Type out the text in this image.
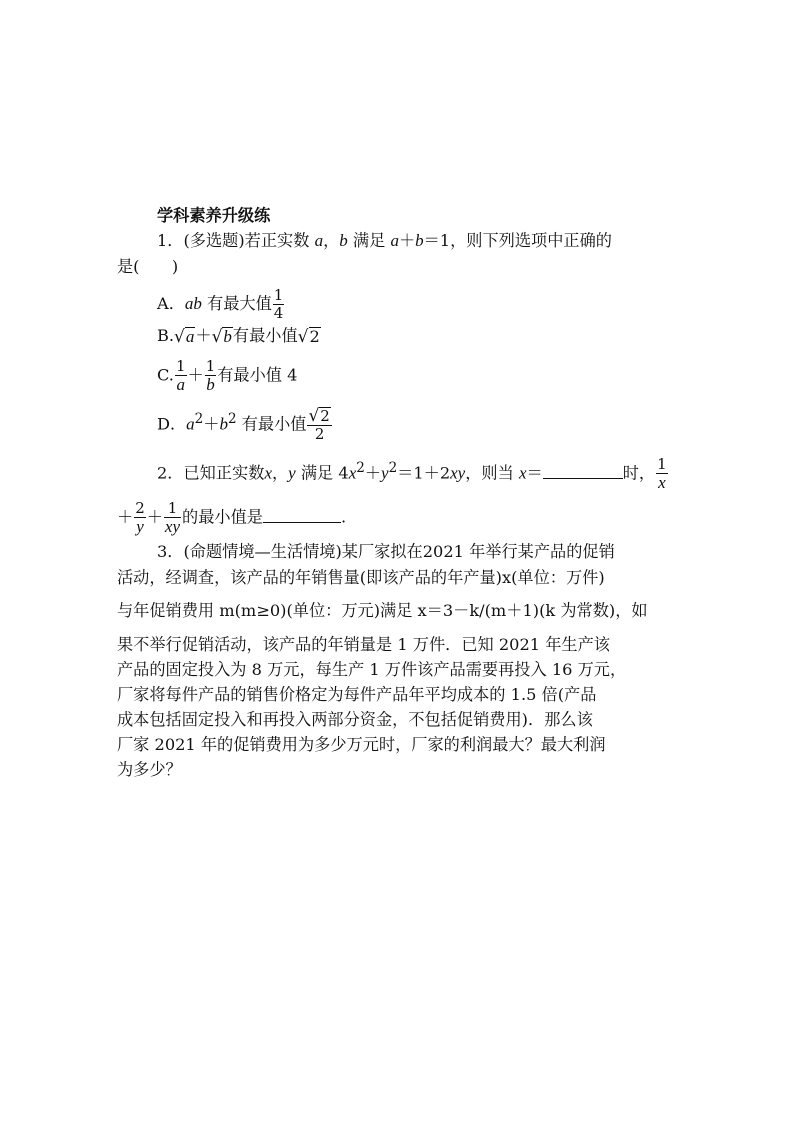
学科素养升级练
1．(多选题)若正实数 a，b 满足 a＋b＝1，则下列选项中正确的
是(　　)
A．ab 有最大值 $\frac{1}{4}$
B.√a＋√b有最小值√2
C. $\frac{1}{a} + \frac{1}{b}$ 有最小值 4
D．$a^2+b^2$ 有最小值 $\frac{√2}{2}$
2．已知正实数x，y 满足 $4x^2+y^2=1+2xy$，则当 x＝	时， $\frac{1}{x}$
＋ $\frac{2}{y} + \frac{1}{xy}$ 的最小值是	.
3．(命题情境—生活情境)某厂家拟在2021 年举行某产品的促销
活动，经调查，该产品的年销售量(即该产品的年产量)x(单位：万件)
与年促销费用 m(m≥0)(单位：万元)满足 x＝3－k/(m＋1)(k 为常数)，如
果不举行促销活动，该产品的年销量是 1 万件．已知 2021 年生产该
产品的固定投入为 8 万元，每生产 1 万件该产品需要再投入 16 万元，
厂家将每件产品的销售价格定为每件产品年平均成本的 1.5 倍(产品
成本包括固定投入和再投入两部分资金，不包括促销费用)．那么该
厂家 2021 年的促销费用为多少万元时，厂家的利润最大？最大利润
为多少？
